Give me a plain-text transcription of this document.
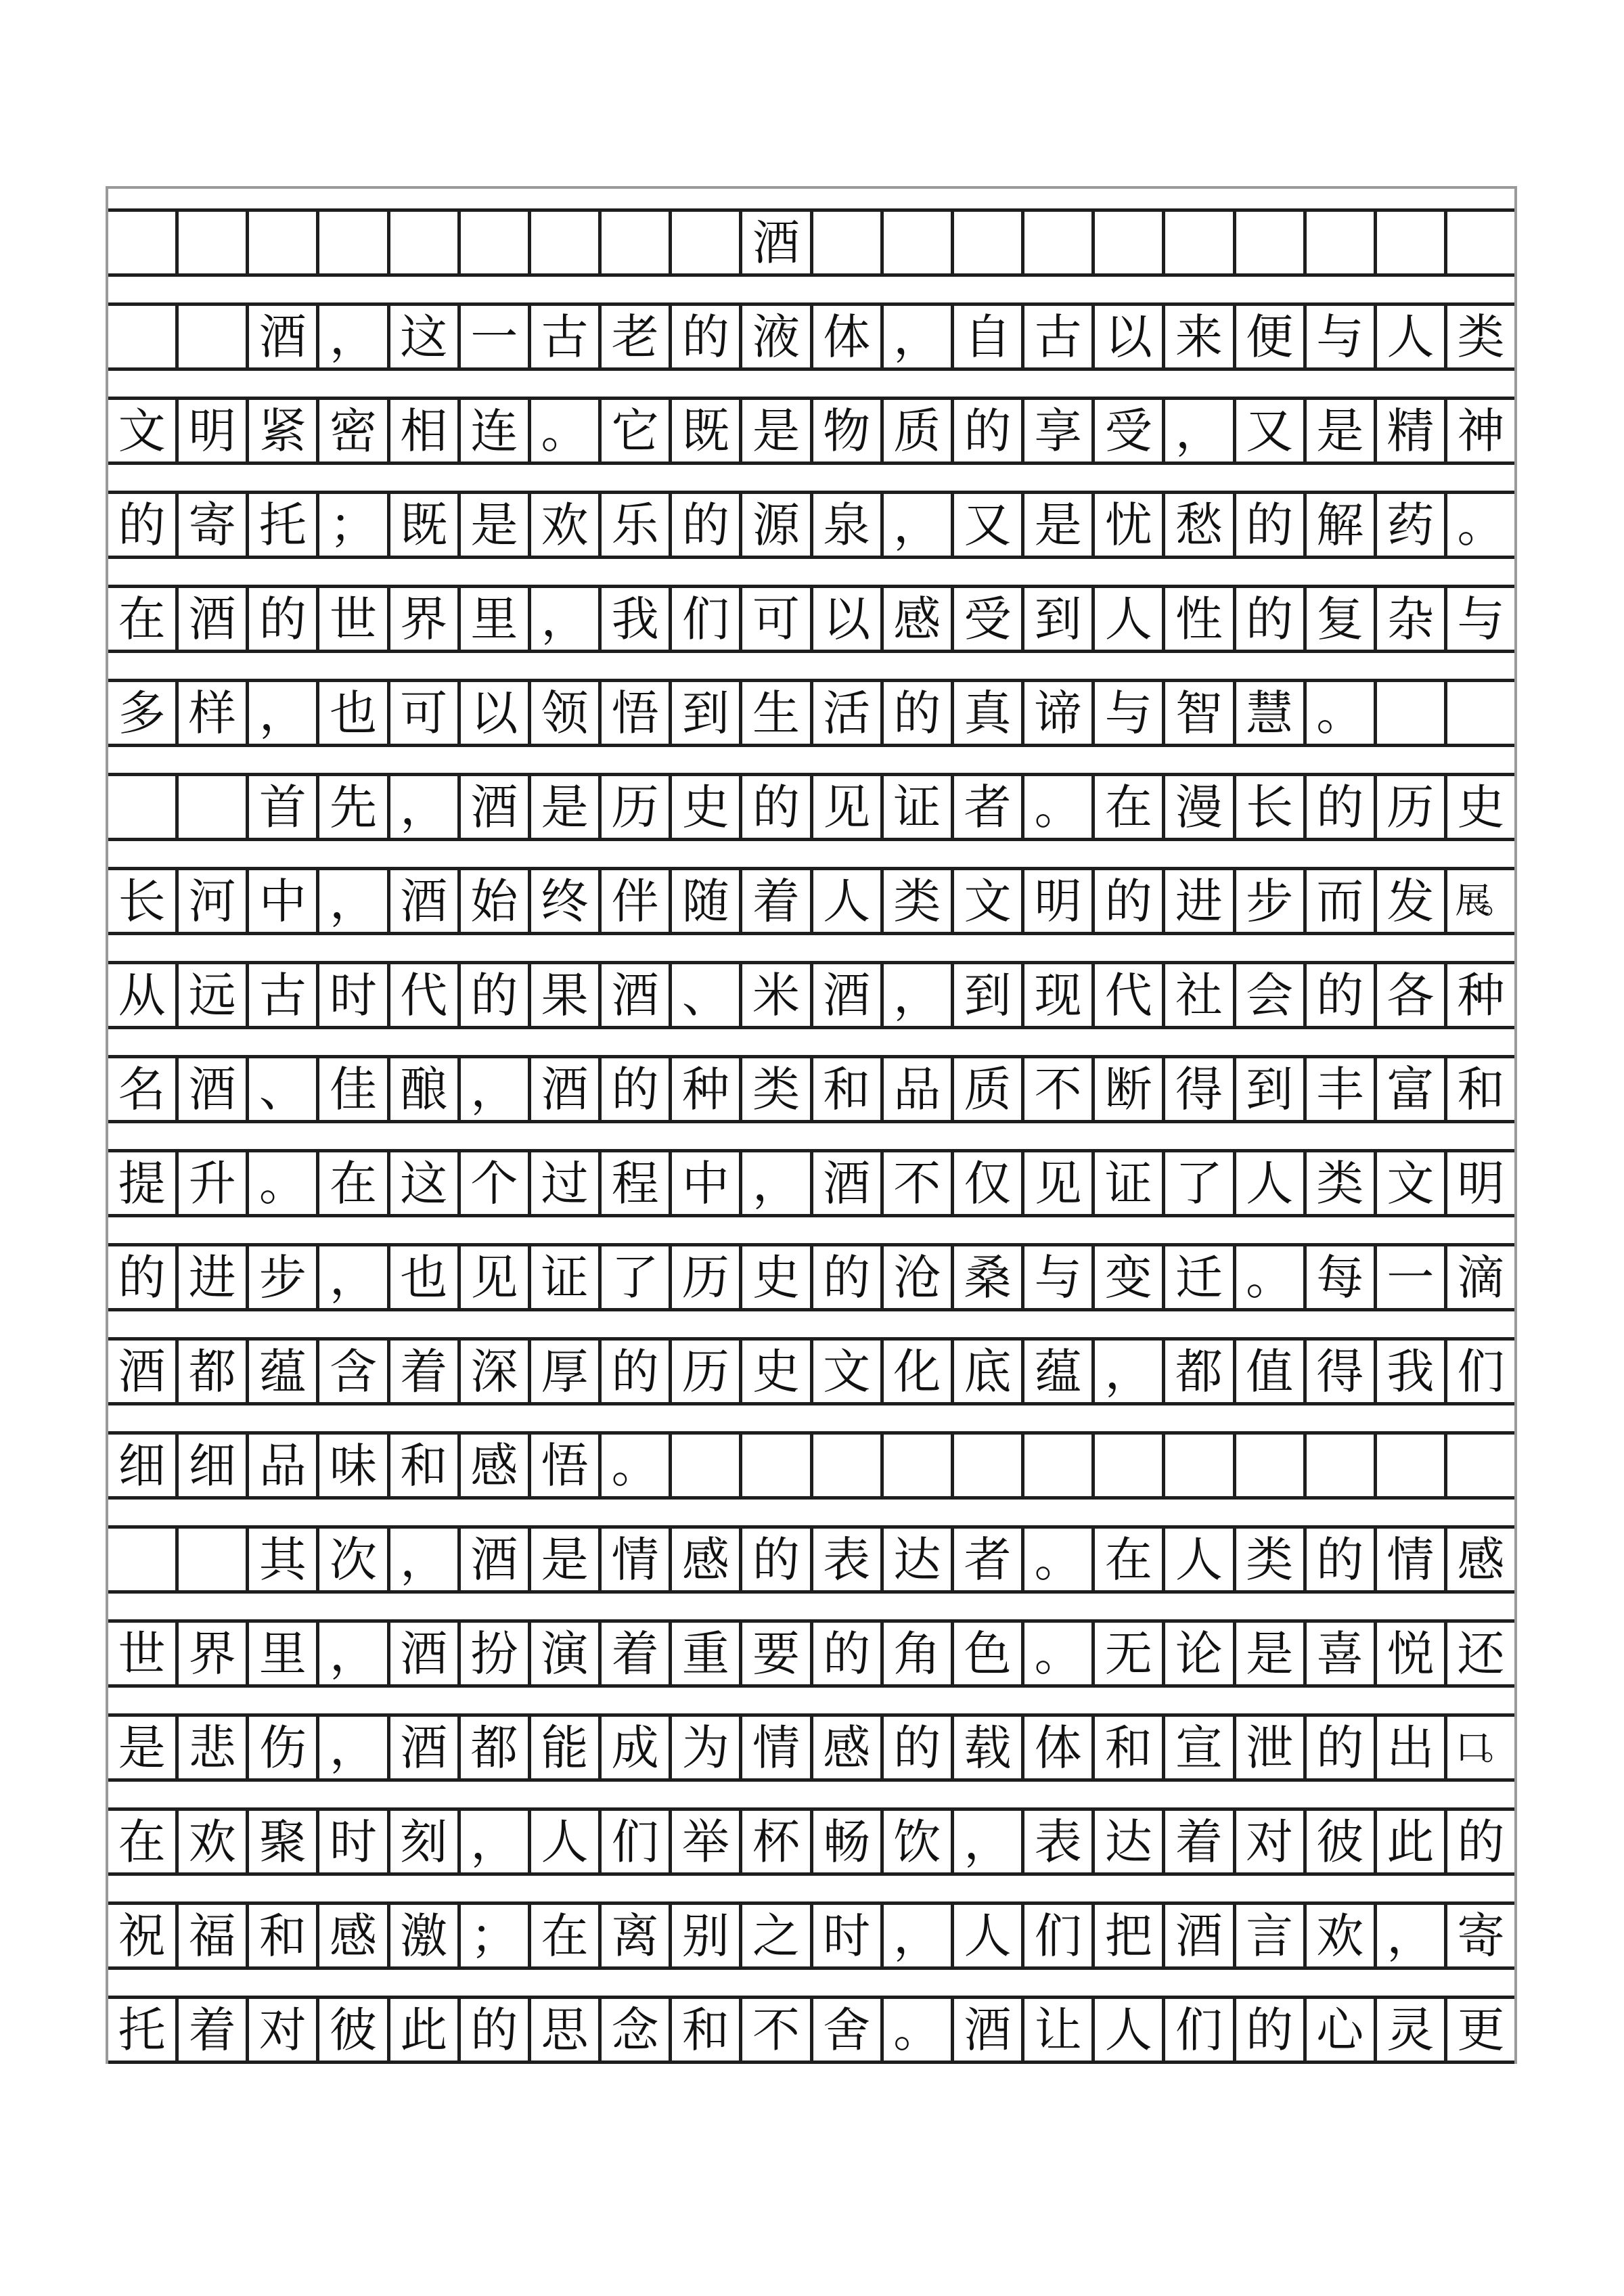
酒
酒 ， 这 一 古 老 的 液 体 ， 自 古 以 来 便 与 人 类
文 明 紧 密 相 连 。 它 既 是 物 质 的 享 受 ， 又 是 精 神
的 寄 托 ； 既 是 欢 乐 的 源 泉 ， 又 是 忧 愁 的 解 药 。
在 酒 的 世 界 里 ， 我 们 可 以 感 受 到 人 性 的 复 杂 与
多 样 ， 也 可 以 领 悟 到 生 活 的 真 谛 与 智 慧 。
首 先 ， 酒 是 历 史 的 见 证 者 。 在 漫 长 的 历 史
长 河 中 ， 酒 始 终 伴 随 着 人 类 文 明 的 进 步 而 发 展。
从 远 古 时 代 的 果 酒 、 米 酒 ， 到 现 代 社 会 的 各 种
名 酒 、 佳 酿 ， 酒 的 种 类 和 品 质 不 断 得 到 丰 富 和
提 升 。 在 这 个 过 程 中 ， 酒 不 仅 见 证 了 人 类 文 明
的 进 步 ， 也 见 证 了 历 史 的 沧 桑 与 变 迁 。 每 一 滴
酒 都 蕴 含 着 深 厚 的 历 史 文 化 底 蕴 ， 都 值 得 我 们
细 细 品 味 和 感 悟 。
其 次 ， 酒 是 情 感 的 表 达 者 。 在 人 类 的 情 感
世 界 里 ， 酒 扮 演 着 重 要 的 角 色 。 无 论 是 喜 悦 还
是 悲 伤 ， 酒 都 能 成 为 情 感 的 载 体 和 宣 泄 的 出 口。
在 欢 聚 时 刻 ， 人 们 举 杯 畅 饮 ， 表 达 着 对 彼 此 的
祝 福 和 感 激 ； 在 离 别 之 时 ， 人 们 把 酒 言 欢 ， 寄
托 着 对 彼 此 的 思 念 和 不 舍 。 酒 让 人 们 的 心 灵 更
